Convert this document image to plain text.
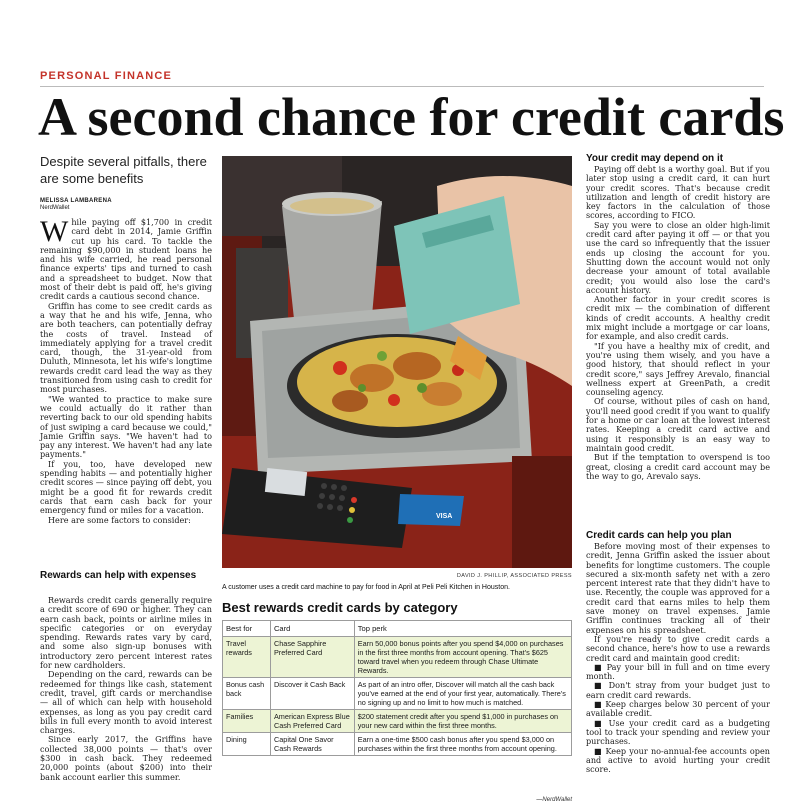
PERSONAL FINANCE
A second chance for credit cards
Despite several pitfalls, there are some benefits
MELISSA LAMBARENA
NerdWallet

While paying off $1,700 in credit card debt in 2014, Jamie Griffin cut up his card. To tackle the remaining $90,000 in student loans he and his wife carried, he read personal finance experts' tips and turned to cash and a spreadsheet to budget. Now that most of their debt is paid off, he's giving credit cards a cautious second chance.

Griffin has come to see credit cards as a way that he and his wife, Jenna, who are both teachers, can potentially defray the costs of travel. Instead of immediately applying for a travel credit card, though, the 31-year-old from Duluth, Minnesota, let his wife's longtime rewards credit card lead the way as they transitioned from using cash to credit for most purchases.

"We wanted to practice to make sure we could actually do it rather than reverting back to our old spending habits of just swiping a card because we could," Jamie Griffin says. "We haven't had to pay any interest. We haven't had any late payments."

If you, too, have developed new spending habits — and potentially higher credit scores — since paying off debt, you might be a good fit for rewards credit cards that earn cash back for your emergency fund or miles for a vacation.

Here are some factors to consider:

Rewards can help with expenses

Rewards credit cards generally require a credit score of 690 or higher. They can earn cash back, points or airline miles in specific categories or on everyday spending. Rewards rates vary by card, and some also sign-up bonuses with introductory zero percent interest rates for new cardholders.

Depending on the card, rewards can be redeemed for things like cash, statement credit, travel, gift cards or merchandise — all of which can help with household expenses, as long as you pay credit card bills in full every month to avoid interest charges.

Since early 2017, the Griffins have collected 38,000 points — that's over $300 in cash back. They redeemed 20,000 points (about $200) into their bank account earlier this summer.

VISA
DAVID J. PHILLIP, ASSOCIATED PRESS
A customer uses a credit card machine to pay for food in April at Peli Peli Kitchen in Houston.
Best rewards credit cards by category
Best for	Card	Top perk
Travel rewards	Chase Sapphire Preferred Card	Earn 50,000 bonus points after you spend $4,000 on purchases in the first three months from account opening. That's $625 toward travel when you redeem through Chase Ultimate Rewards.
Bonus cash back	Discover it Cash Back	As part of an intro offer, Discover will match all the cash back you've earned at the end of your first year, automatically. There's no signing up and no limit to how much is matched.
Families	American Express Blue Cash Preferred Card	$200 statement credit after you spend $1,000 in purchases on your new card within the first three months.
Dining	Capital One Savor Cash Rewards	Earn a one-time $500 cash bonus after you spend $3,000 on purchases within the first three months from account opening.
—NerdWallet
Your credit may depend on it

Paying off debt is a worthy goal. But if you later stop using a credit card, it can hurt your credit scores. That's because credit utilization and length of credit history are key factors in the calculation of those scores, according to FICO.

Say you were to close an older high-limit credit card after paying it off — or that you use the card so infrequently that the issuer ends up closing the account for you. Shutting down the account would not only decrease your amount of total available credit; you would also lose the card's account history.

Another factor in your credit scores is credit mix — the combination of different kinds of credit accounts. A healthy credit mix might include a mortgage or car loans, for example, and also credit cards.

"If you have a healthy mix of credit, and you're using them wisely, and you have a good history, that should reflect in your credit score," says Jeffrey Arevalo, financial wellness expert at GreenPath, a credit counseling agency.

Of course, without piles of cash on hand, you'll need good credit if you want to qualify for a home or car loan at the lowest interest rates. Keeping a credit card active and using it responsibly is an easy way to maintain good credit.

But if the temptation to overspend is too great, closing a credit card account may be the way to go, Arevalo says.

Credit cards can help you plan

Before moving most of their expenses to credit, Jenna Griffin asked the issuer about benefits for longtime customers. The couple secured a six-month safety net with a zero percent interest rate that they didn't have to use. Recently, the couple was approved for a credit card that earns miles to help them save money on travel expenses. Jamie Griffin continues tracking all of their expenses on his spreadsheet.

If you're ready to give credit cards a second chance, here's how to use a rewards credit card and maintain good credit:

■ Pay your bill in full and on time every month.

■ Don't stray from your budget just to earn credit card rewards.

■ Keep charges below 30 percent of your available credit.

■ Use your credit card as a budgeting tool to track your spending and review your purchases.

■ Keep your no-annual-fee accounts open and active to avoid hurting your credit score.
